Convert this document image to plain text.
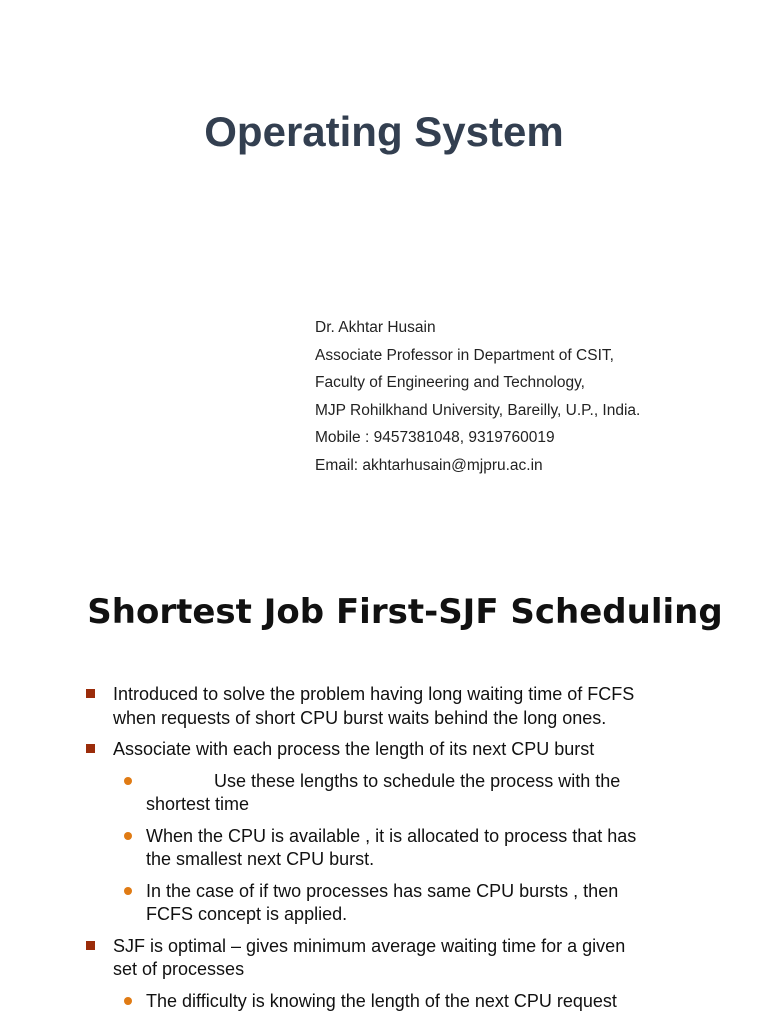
Operating System
Dr. Akhtar Husain
Associate Professor in Department of CSIT,
Faculty of Engineering and Technology,
MJP Rohilkhand University, Bareilly, U.P., India.
Mobile : 9457381048, 9319760019
Email: akhtarhusain@mjpru.ac.in
Shortest Job First-SJF Scheduling
Introduced to solve the problem having long waiting time of FCFS when requests of short CPU burst waits behind the long ones.
Associate with each process the length of its next CPU burst
Use these lengths to schedule the process with the shortest time
When the CPU is available , it is allocated to process that has the smallest next CPU burst.
In the case of if two processes has same CPU bursts , then FCFS concept is applied.
SJF is optimal – gives minimum average waiting time for a given set of processes
The difficulty is knowing the length of the next CPU request
